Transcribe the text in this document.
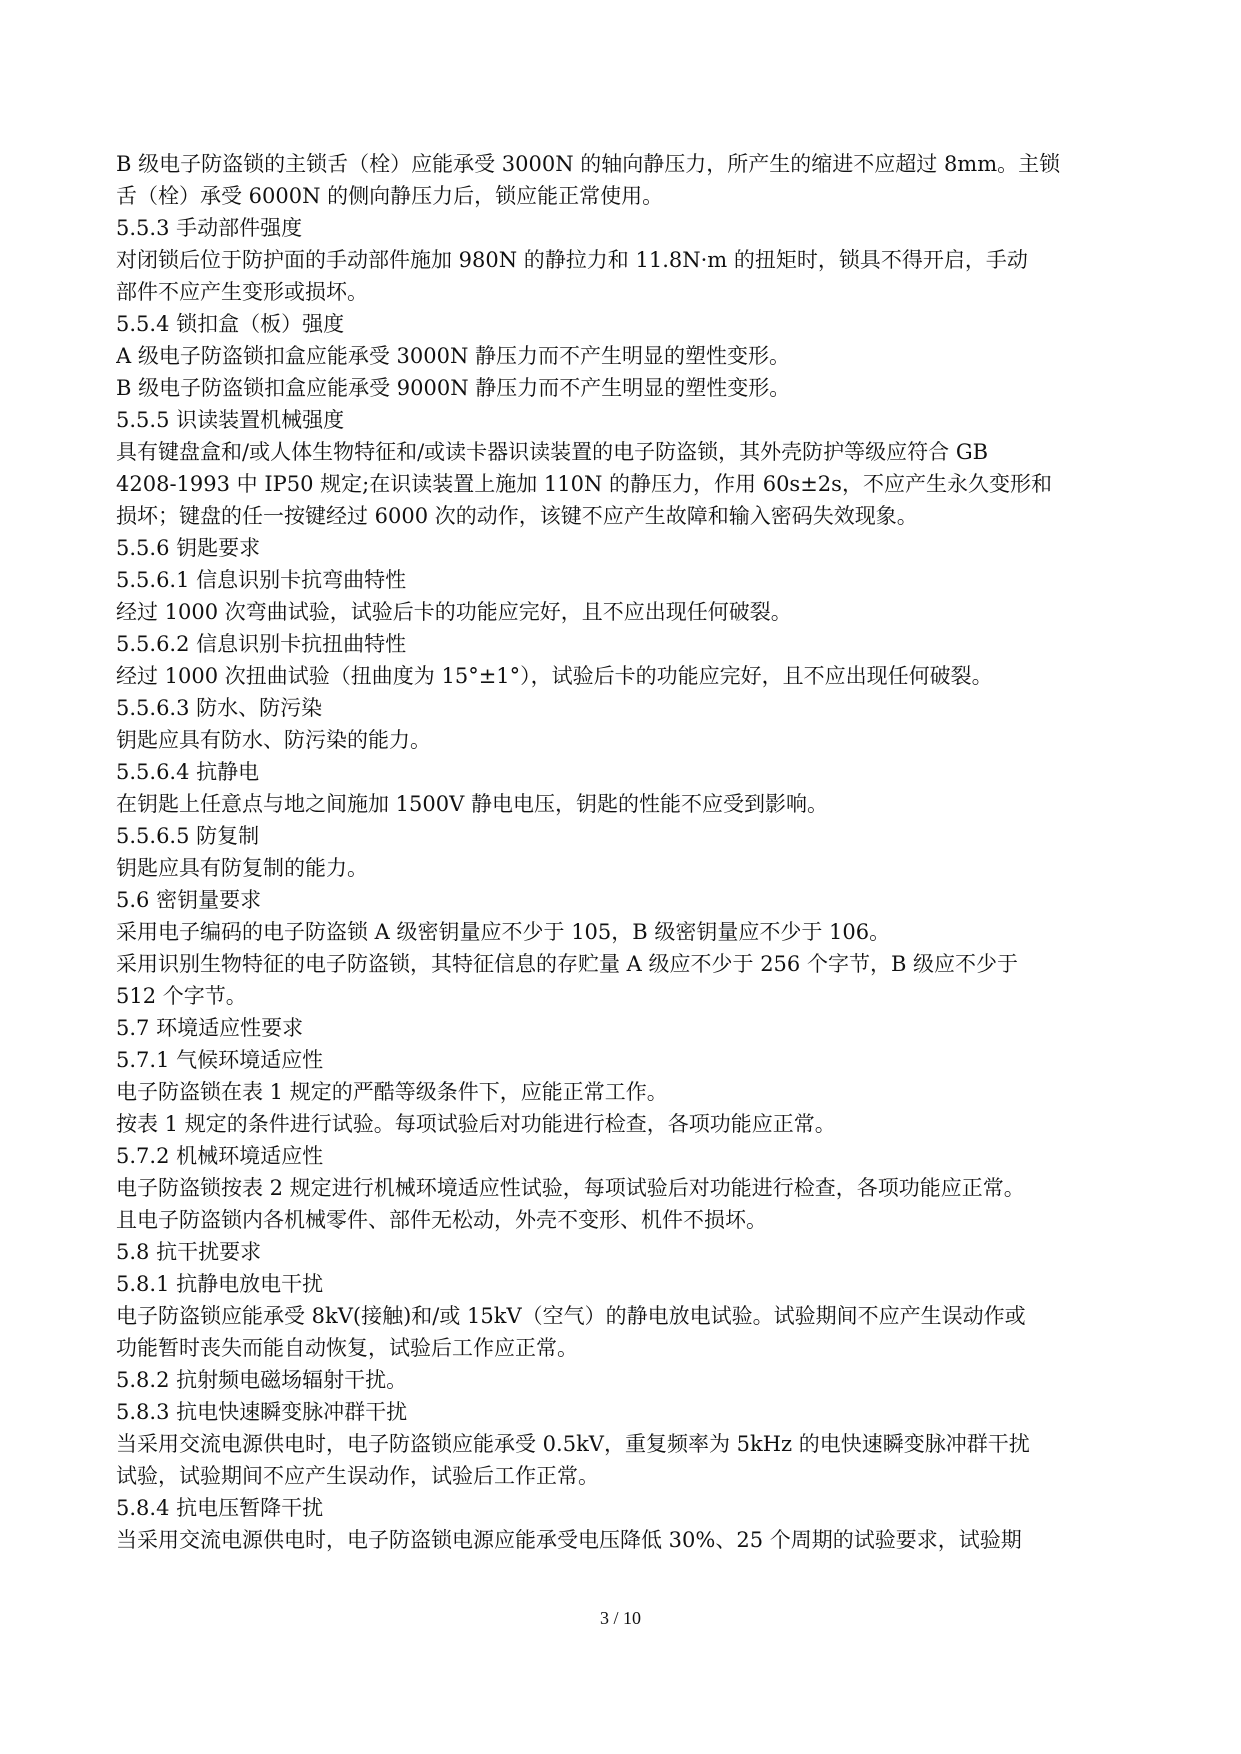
B 级电子防盗锁的主锁舌（栓）应能承受 3000N 的轴向静压力，所产生的缩进不应超过 8mm。主锁
舌（栓）承受 6000N 的侧向静压力后，锁应能正常使用。
5.5.3 手动部件强度
对闭锁后位于防护面的手动部件施加 980N 的静拉力和 11.8N·m 的扭矩时，锁具不得开启，手动
部件不应产生变形或损坏。
5.5.4 锁扣盒（板）强度
A 级电子防盗锁扣盒应能承受 3000N 静压力而不产生明显的塑性变形。
B 级电子防盗锁扣盒应能承受 9000N 静压力而不产生明显的塑性变形。
5.5.5 识读装置机械强度
具有键盘盒和/或人体生物特征和/或读卡器识读装置的电子防盗锁，其外壳防护等级应符合 GB
4208-1993 中 IP50 规定;在识读装置上施加 110N 的静压力，作用 60s±2s，不应产生永久变形和
损坏；键盘的任一按键经过 6000 次的动作，该键不应产生故障和输入密码失效现象。
5.5.6 钥匙要求
5.5.6.1 信息识别卡抗弯曲特性
经过 1000 次弯曲试验，试验后卡的功能应完好，且不应出现任何破裂。
5.5.6.2 信息识别卡抗扭曲特性
经过 1000 次扭曲试验（扭曲度为 15°±1°），试验后卡的功能应完好，且不应出现任何破裂。
5.5.6.3 防水、防污染
钥匙应具有防水、防污染的能力。
5.5.6.4 抗静电
在钥匙上任意点与地之间施加 1500V 静电电压，钥匙的性能不应受到影响。
5.5.6.5 防复制
钥匙应具有防复制的能力。
5.6 密钥量要求
采用电子编码的电子防盗锁 A 级密钥量应不少于 105，B 级密钥量应不少于 106。
采用识别生物特征的电子防盗锁，其特征信息的存贮量 A 级应不少于 256 个字节，B 级应不少于
512 个字节。
5.7 环境适应性要求
5.7.1 气候环境适应性
电子防盗锁在表 1 规定的严酷等级条件下，应能正常工作。
按表 1 规定的条件进行试验。每项试验后对功能进行检查，各项功能应正常。
5.7.2 机械环境适应性
电子防盗锁按表 2 规定进行机械环境适应性试验，每项试验后对功能进行检查，各项功能应正常。
且电子防盗锁内各机械零件、部件无松动，外壳不变形、机件不损坏。
5.8 抗干扰要求
5.8.1 抗静电放电干扰
电子防盗锁应能承受 8kV(接触)和/或 15kV（空气）的静电放电试验。试验期间不应产生误动作或
功能暂时丧失而能自动恢复，试验后工作应正常。
5.8.2 抗射频电磁场辐射干扰。
5.8.3 抗电快速瞬变脉冲群干扰
当采用交流电源供电时，电子防盗锁应能承受 0.5kV，重复频率为 5kHz 的电快速瞬变脉冲群干扰
试验，试验期间不应产生误动作，试验后工作正常。
5.8.4 抗电压暂降干扰
当采用交流电源供电时，电子防盗锁电源应能承受电压降低 30%、25 个周期的试验要求，试验期
3 / 10
